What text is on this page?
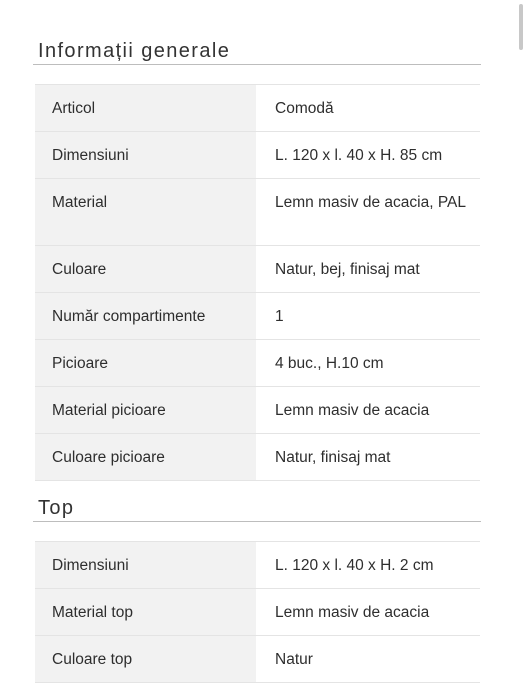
Informații generale
Articol	Comodă
Dimensiuni	L. 120 x l. 40 x H. 85 cm
Material	Lemn masiv de acacia, PAL
Culoare	Natur, bej, finisaj mat
Număr compartimente	1
Picioare	4 buc., H.10 cm
Material picioare	Lemn masiv de acacia
Culoare picioare	Natur, finisaj mat
Top
Dimensiuni	L. 120 x l. 40 x H. 2 cm
Material top	Lemn masiv de acacia
Culoare top	Natur
